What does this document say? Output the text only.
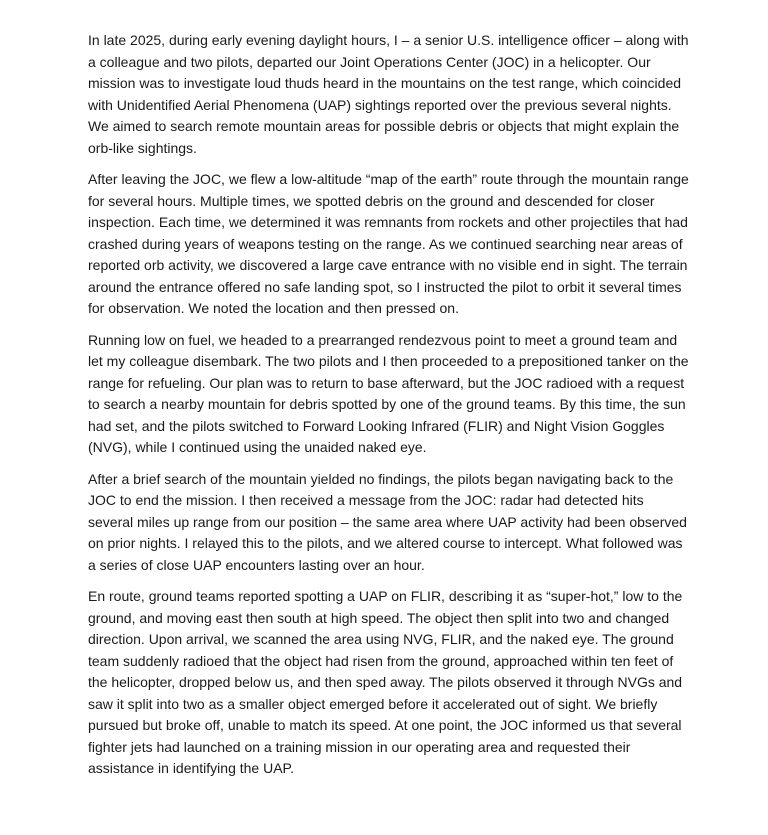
In late 2025, during early evening daylight hours, I – a senior U.S. intelligence officer – along with a colleague and two pilots, departed our Joint Operations Center (JOC) in a helicopter. Our mission was to investigate loud thuds heard in the mountains on the test range, which coincided with Unidentified Aerial Phenomena (UAP) sightings reported over the previous several nights. We aimed to search remote mountain areas for possible debris or objects that might explain the orb-like sightings.

After leaving the JOC, we flew a low-altitude “map of the earth” route through the mountain range for several hours. Multiple times, we spotted debris on the ground and descended for closer inspection. Each time, we determined it was remnants from rockets and other projectiles that had crashed during years of weapons testing on the range. As we continued searching near areas of reported orb activity, we discovered a large cave entrance with no visible end in sight. The terrain around the entrance offered no safe landing spot, so I instructed the pilot to orbit it several times for observation. We noted the location and then pressed on.

Running low on fuel, we headed to a prearranged rendezvous point to meet a ground team and let my colleague disembark. The two pilots and I then proceeded to a prepositioned tanker on the range for refueling. Our plan was to return to base afterward, but the JOC radioed with a request to search a nearby mountain for debris spotted by one of the ground teams. By this time, the sun had set, and the pilots switched to Forward Looking Infrared (FLIR) and Night Vision Goggles (NVG), while I continued using the unaided naked eye.

After a brief search of the mountain yielded no findings, the pilots began navigating back to the JOC to end the mission. I then received a message from the JOC: radar had detected hits several miles up range from our position – the same area where UAP activity had been observed on prior nights. I relayed this to the pilots, and we altered course to intercept. What followed was a series of close UAP encounters lasting over an hour.

En route, ground teams reported spotting a UAP on FLIR, describing it as “super-hot,” low to the ground, and moving east then south at high speed. The object then split into two and changed direction. Upon arrival, we scanned the area using NVG, FLIR, and the naked eye. The ground team suddenly radioed that the object had risen from the ground, approached within ten feet of the helicopter, dropped below us, and then sped away. The pilots observed it through NVGs and saw it split into two as a smaller object emerged before it accelerated out of sight. We briefly pursued but broke off, unable to match its speed. At one point, the JOC informed us that several fighter jets had launched on a training mission in our operating area and requested their assistance in identifying the UAP.
